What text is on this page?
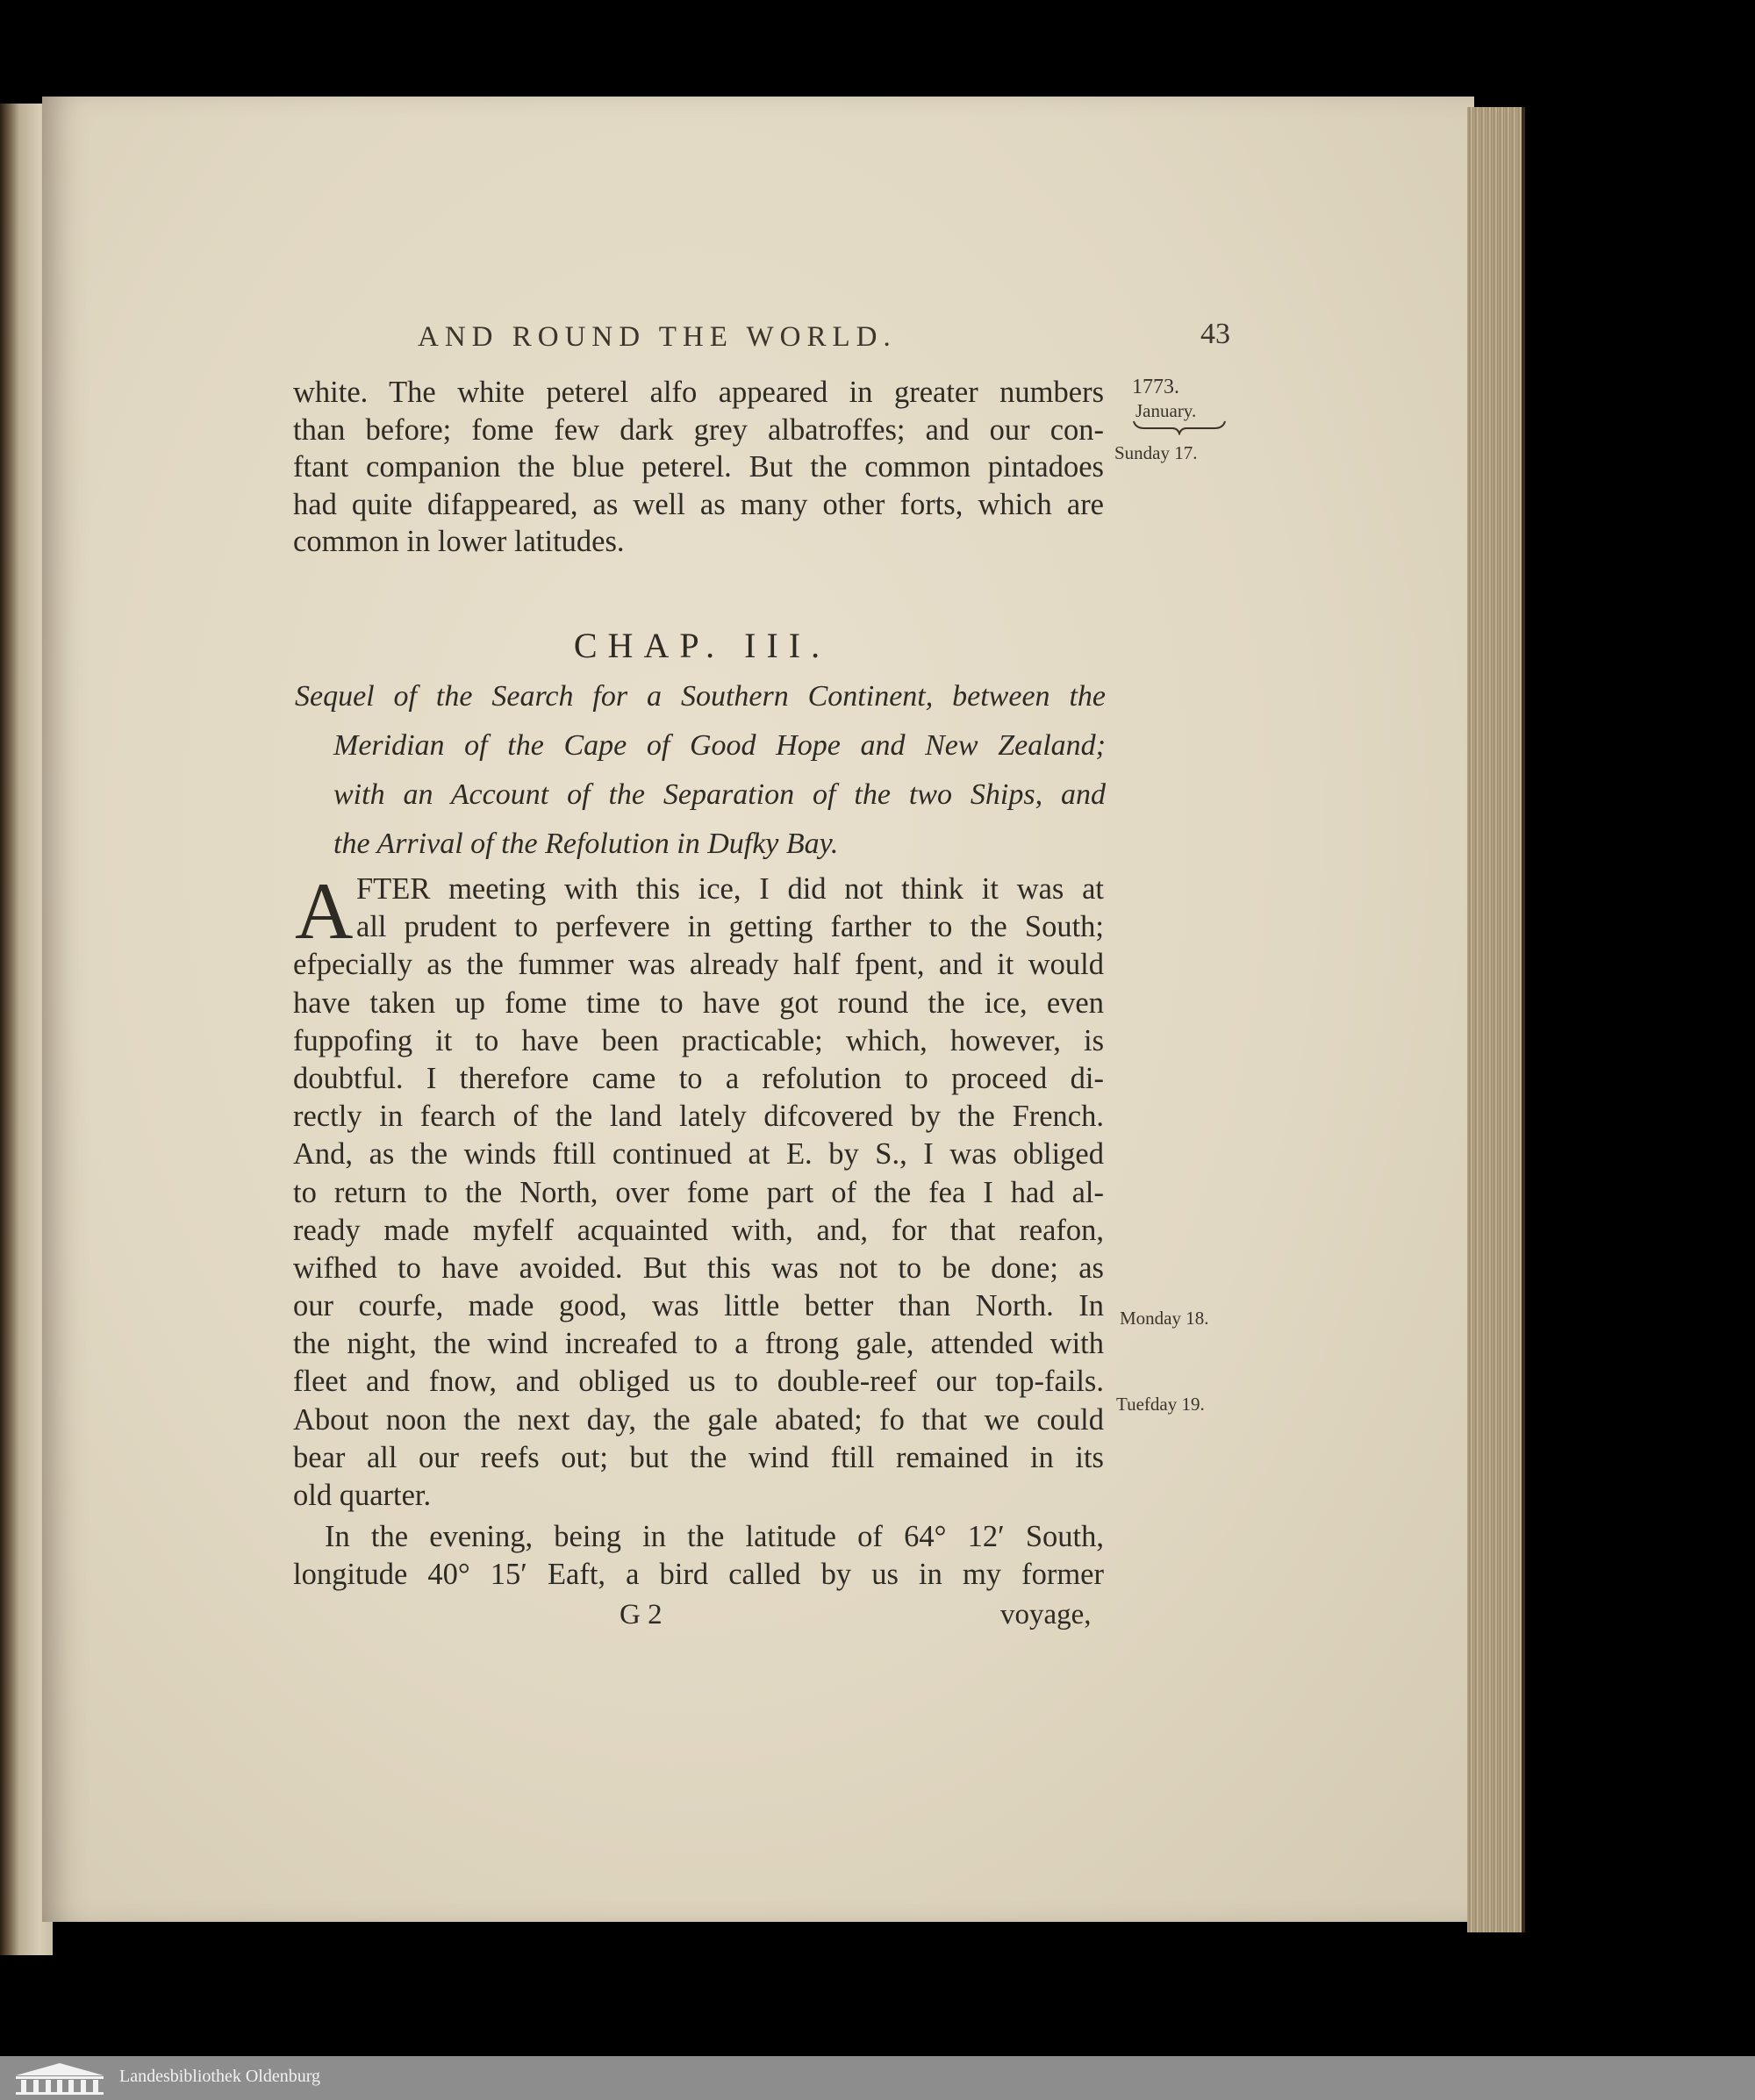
AND ROUND THE WORLD.	43
1773.
January.
Sunday 17.
Monday 18.
Tuefday 19.
white. The white peterel alfo appeared in greater numbers
than before; fome few dark grey albatroffes; and our con-
ftant companion the blue peterel. But the common pintadoes
had quite difappeared, as well as many other forts, which are
common in lower latitudes.
CHAP. III.
Sequel of the Search for a Southern Continent, between the
Meridian of the Cape of Good Hope and New Zealand;
with an Account of the Separation of the two Ships, and
the Arrival of the Refolution in Dufky Bay.
A FTER meeting with this ice, I did not think it was at
all prudent to perfevere in getting farther to the South;
efpecially as the fummer was already half fpent, and it would
have taken up fome time to have got round the ice, even
fuppofing it to have been practicable; which, however, is
doubtful. I therefore came to a refolution to proceed di-
rectly in fearch of the land lately difcovered by the French.
And, as the winds ftill continued at E. by S., I was obliged
to return to the North, over fome part of the fea I had al-
ready made myfelf acquainted with, and, for that reafon,
wifhed to have avoided. But this was not to be done; as
our courfe, made good, was little better than North. In
the night, the wind increafed to a ftrong gale, attended with
fleet and fnow, and obliged us to double-reef our top-fails.
About noon the next day, the gale abated; fo that we could
bear all our reefs out; but the wind ftill remained in its
old quarter.
In the evening, being in the latitude of 64° 12′ South,
longitude 40° 15′ Eaft, a bird called by us in my former
G 2	voyage,
Landesbibliothek Oldenburg
